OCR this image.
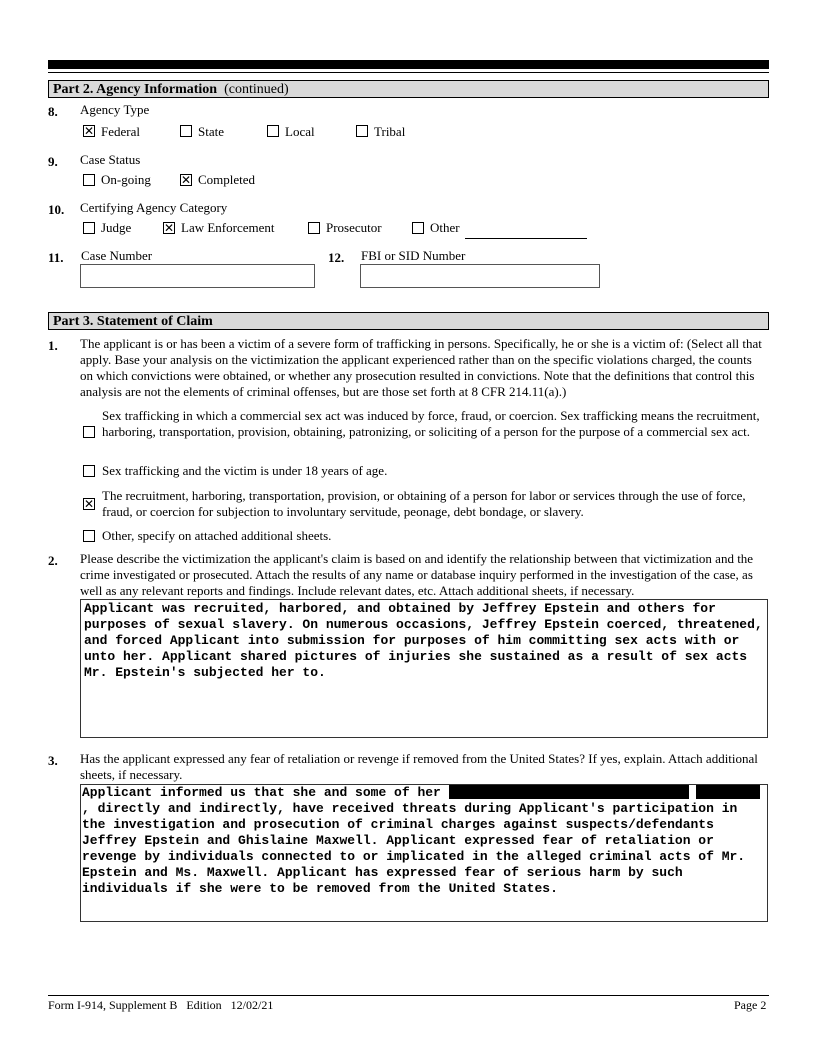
Part 2. Agency Information (continued)
8. Agency Type
✕ Federal	State	Local	Tribal
9. Case Status
On-going	✕ Completed
10. Certifying Agency Category
Judge	✕ Law Enforcement	Prosecutor	Other
11. Case Number	12. FBI or SID Number
Part 3. Statement of Claim
1. The applicant is or has been a victim of a severe form of trafficking in persons. Specifically, he or she is a victim of: (Select all that apply. Base your analysis on the victimization the applicant experienced rather than on the specific violations charged, the counts on which convictions were obtained, or whether any prosecution resulted in convictions. Note that the definitions that control this analysis are not the elements of criminal offenses, but are those set forth at 8 CFR 214.11(a).)
Sex trafficking in which a commercial sex act was induced by force, fraud, or coercion. Sex trafficking means the recruitment, harboring, transportation, provision, obtaining, patronizing, or soliciting of a person for the purpose of a commercial sex act.
Sex trafficking and the victim is under 18 years of age.
✕
The recruitment, harboring, transportation, provision, or obtaining of a person for labor or services through the use of force, fraud, or coercion for subjection to involuntary servitude, peonage, debt bondage, or slavery.
Other, specify on attached additional sheets.
2. Please describe the victimization the applicant's claim is based on and identify the relationship between that victimization and the crime investigated or prosecuted. Attach the results of any name or database inquiry performed in the investigation of the case, as well as any relevant reports and findings. Include relevant dates, etc. Attach additional sheets, if necessary.
Applicant was recruited, harbored, and obtained by Jeffrey Epstein and others for purposes of sexual slavery. On numerous occasions, Jeffrey Epstein coerced, threatened, and forced Applicant into submission for purposes of him committing sex acts with or unto her. Applicant shared pictures of injuries she sustained as a result of sex acts Mr. Epstein's subjected her to.
3. Has the applicant expressed any fear of retaliation or revenge if removed from the United States? If yes, explain. Attach additional sheets, if necessary.
Applicant informed us that she and some of her  , directly and indirectly, have received threats during Applicant's participation in the investigation and prosecution of criminal charges against suspects/defendants Jeffrey Epstein and Ghislaine Maxwell. Applicant expressed fear of retaliation or revenge by individuals connected to or implicated in the alleged criminal acts of Mr. Epstein and Ms. Maxwell. Applicant has expressed fear of serious harm by such individuals if she were to be removed from the United States.
Form I-914, Supplement B   Edition   12/02/21	Page 2
